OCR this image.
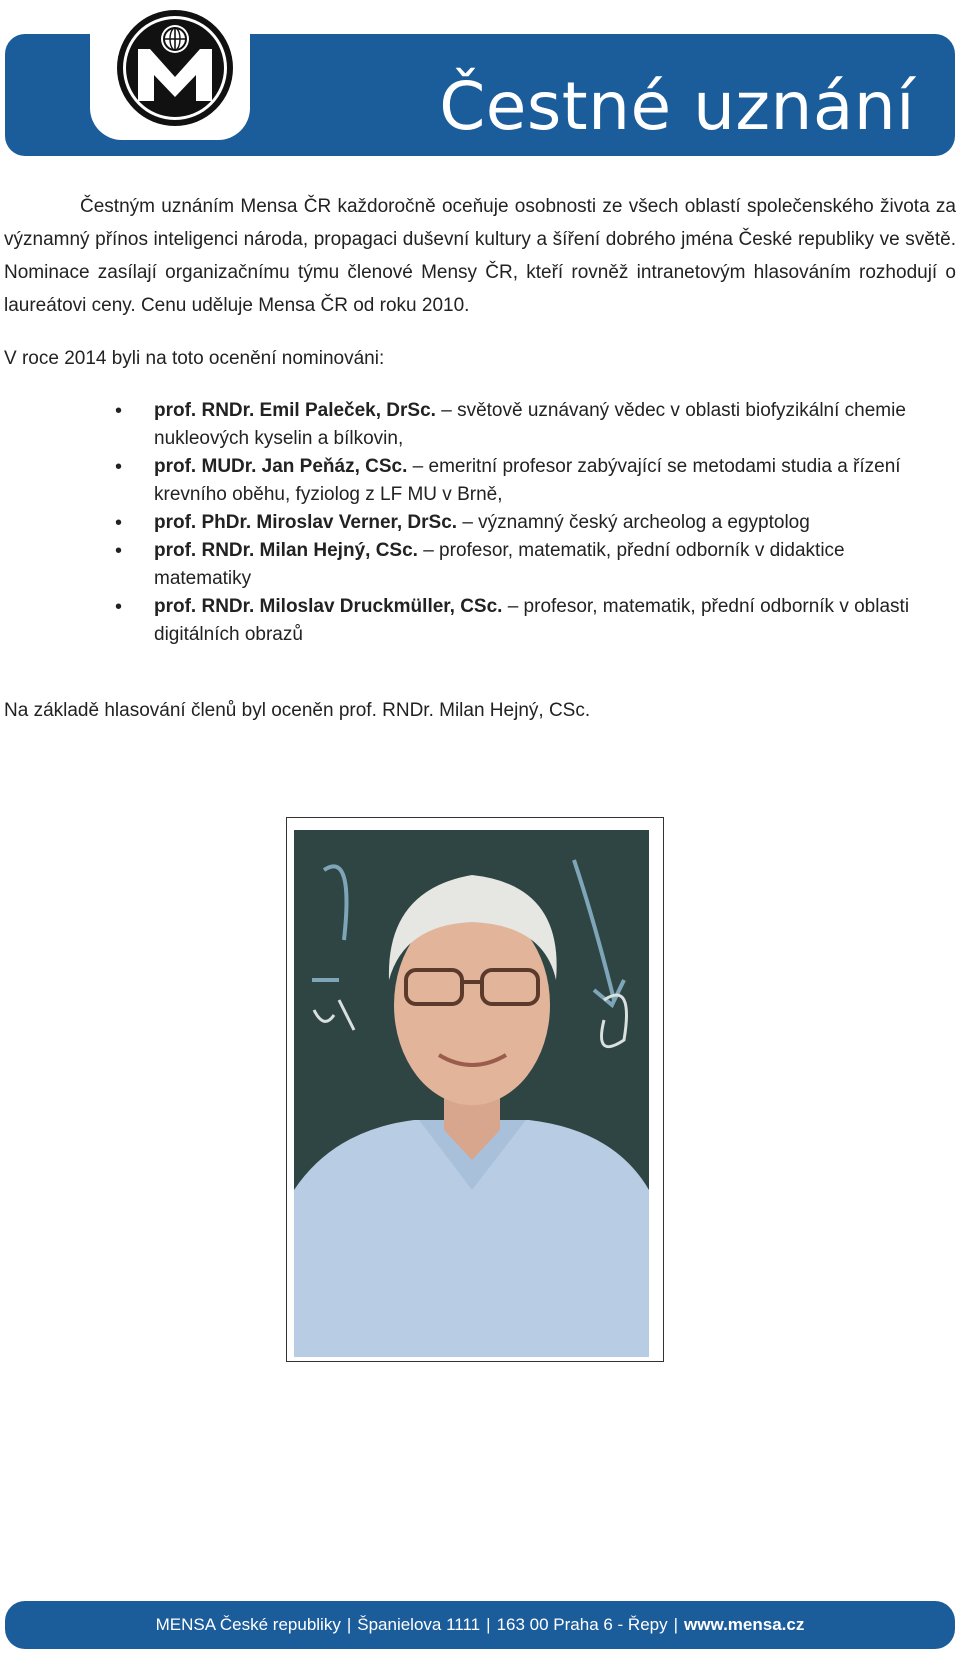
Čestné uznání

Čestným uznáním Mensa ČR každoročně oceňuje osobnosti ze všech oblastí společenského života za významný přínos inteligenci národa, propagaci duševní kultury a šíření dobrého jména České republiky ve světě. Nominace zasílají organizačnímu týmu členové Mensy ČR, kteří rovněž intranetovým hlasováním rozhodují o laureátovi ceny. Cenu uděluje Mensa ČR od roku 2010.

V roce 2014 byli na toto ocenění nominováni:

• prof. RNDr. Emil Paleček, DrSc. – světově uznávaný vědec v oblasti biofyzikální chemie nukleových kyselin a bílkovin,
• prof. MUDr. Jan Peňáz, CSc. – emeritní profesor zabývající se metodami studia a řízení krevního oběhu, fyziolog z LF MU v Brně,
• prof. PhDr. Miroslav Verner, DrSc. – významný český archeolog a egyptolog
• prof. RNDr. Milan Hejný, CSc. – profesor, matematik, přední odborník v didaktice matematiky
• prof. RNDr. Miloslav Druckmüller, CSc. – profesor, matematik, přední odborník v oblasti digitálních obrazů

Na základě hlasování členů byl oceněn prof. RNDr. Milan Hejný, CSc.

MENSA České republiky | Španielova 1111 | 163 00 Praha 6 - Řepy | www.mensa.cz
